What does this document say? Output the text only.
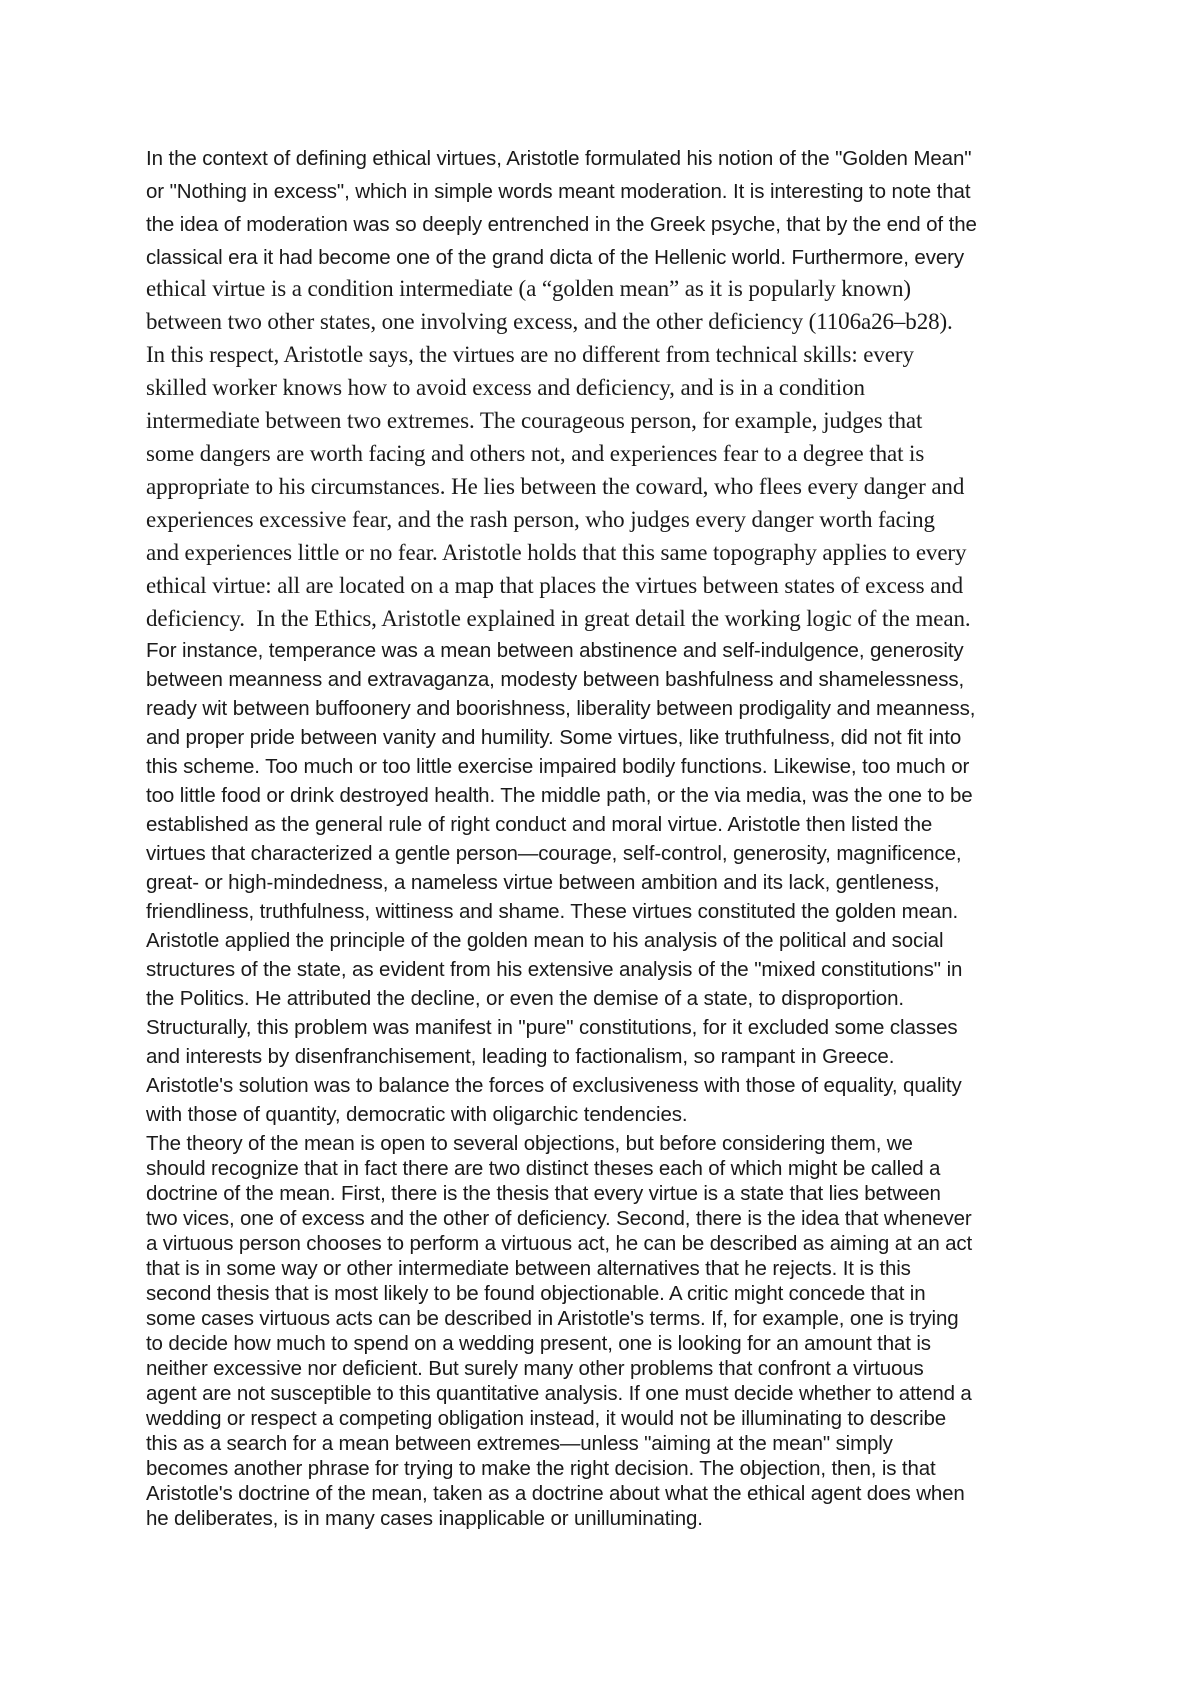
In the context of defining ethical virtues, Aristotle formulated his notion of the "Golden Mean"
or "Nothing in excess", which in simple words meant moderation. It is interesting to note that
the idea of moderation was so deeply entrenched in the Greek psyche, that by the end of the
classical era it had become one of the grand dicta of the Hellenic world. Furthermore, every
ethical virtue is a condition intermediate (a “golden mean” as it is popularly known)
between two other states, one involving excess, and the other deficiency (1106a26–b28).
In this respect, Aristotle says, the virtues are no different from technical skills: every
skilled worker knows how to avoid excess and deficiency, and is in a condition
intermediate between two extremes. The courageous person, for example, judges that
some dangers are worth facing and others not, and experiences fear to a degree that is
appropriate to his circumstances. He lies between the coward, who flees every danger and
experiences excessive fear, and the rash person, who judges every danger worth facing
and experiences little or no fear. Aristotle holds that this same topography applies to every
ethical virtue: all are located on a map that places the virtues between states of excess and
deficiency.  In the Ethics, Aristotle explained in great detail the working logic of the mean.
For instance, temperance was a mean between abstinence and self-indulgence, generosity
between meanness and extravaganza, modesty between bashfulness and shamelessness,
ready wit between buffoonery and boorishness, liberality between prodigality and meanness,
and proper pride between vanity and humility. Some virtues, like truthfulness, did not fit into
this scheme. Too much or too little exercise impaired bodily functions. Likewise, too much or
too little food or drink destroyed health. The middle path, or the via media, was the one to be
established as the general rule of right conduct and moral virtue. Aristotle then listed the
virtues that characterized a gentle person—courage, self-control, generosity, magnificence,
great- or high-mindedness, a nameless virtue between ambition and its lack, gentleness,
friendliness, truthfulness, wittiness and shame. These virtues constituted the golden mean.
Aristotle applied the principle of the golden mean to his analysis of the political and social
structures of the state, as evident from his extensive analysis of the "mixed constitutions" in
the Politics. He attributed the decline, or even the demise of a state, to disproportion.
Structurally, this problem was manifest in "pure" constitutions, for it excluded some classes
and interests by disenfranchisement, leading to factionalism, so rampant in Greece.
Aristotle's solution was to balance the forces of exclusiveness with those of equality, quality
with those of quantity, democratic with oligarchic tendencies.
The theory of the mean is open to several objections, but before considering them, we
should recognize that in fact there are two distinct theses each of which might be called a
doctrine of the mean. First, there is the thesis that every virtue is a state that lies between
two vices, one of excess and the other of deficiency. Second, there is the idea that whenever
a virtuous person chooses to perform a virtuous act, he can be described as aiming at an act
that is in some way or other intermediate between alternatives that he rejects. It is this
second thesis that is most likely to be found objectionable. A critic might concede that in
some cases virtuous acts can be described in Aristotle's terms. If, for example, one is trying
to decide how much to spend on a wedding present, one is looking for an amount that is
neither excessive nor deficient. But surely many other problems that confront a virtuous
agent are not susceptible to this quantitative analysis. If one must decide whether to attend a
wedding or respect a competing obligation instead, it would not be illuminating to describe
this as a search for a mean between extremes—unless "aiming at the mean" simply
becomes another phrase for trying to make the right decision. The objection, then, is that
Aristotle's doctrine of the mean, taken as a doctrine about what the ethical agent does when
he deliberates, is in many cases inapplicable or unilluminating.
